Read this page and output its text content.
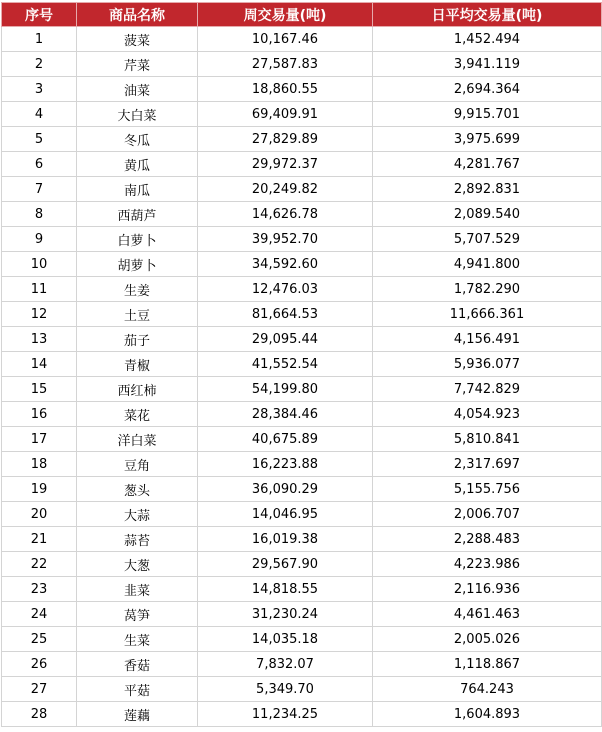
序号	商品名称	周交易量(吨)	日平均交易量(吨)
1	菠菜	10,167.46	1,452.494
2	芹菜	27,587.83	3,941.119
3	油菜	18,860.55	2,694.364
4	大白菜	69,409.91	9,915.701
5	冬瓜	27,829.89	3,975.699
6	黄瓜	29,972.37	4,281.767
7	南瓜	20,249.82	2,892.831
8	西葫芦	14,626.78	2,089.540
9	白萝卜	39,952.70	5,707.529
10	胡萝卜	34,592.60	4,941.800
11	生姜	12,476.03	1,782.290
12	土豆	81,664.53	11,666.361
13	茄子	29,095.44	4,156.491
14	青椒	41,552.54	5,936.077
15	西红柿	54,199.80	7,742.829
16	菜花	28,384.46	4,054.923
17	洋白菜	40,675.89	5,810.841
18	豆角	16,223.88	2,317.697
19	葱头	36,090.29	5,155.756
20	大蒜	14,046.95	2,006.707
21	蒜苔	16,019.38	2,288.483
22	大葱	29,567.90	4,223.986
23	韭菜	14,818.55	2,116.936
24	莴笋	31,230.24	4,461.463
25	生菜	14,035.18	2,005.026
26	香菇	7,832.07	1,118.867
27	平菇	5,349.70	764.243
28	莲藕	11,234.25	1,604.893
